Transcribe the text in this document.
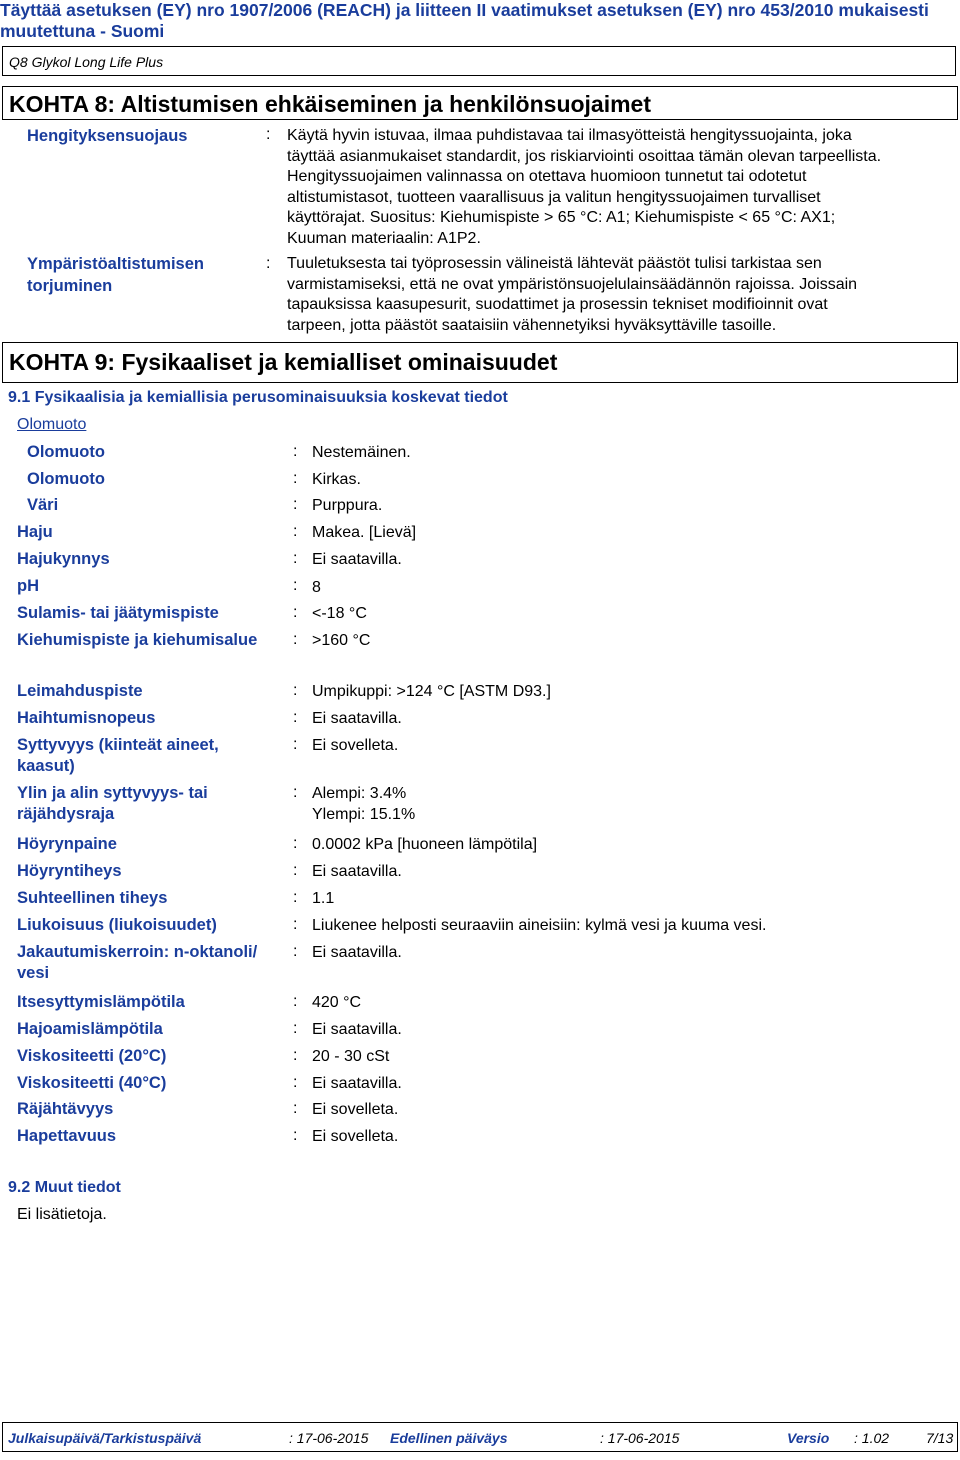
Täyttää asetuksen (EY) nro 1907/2006 (REACH) ja liitteen II vaatimukset asetuksen (EY) nro 453/2010 mukaisesti
muutettuna - Suomi
Q8 Glykol Long Life Plus
KOHTA 8: Altistumisen ehkäiseminen ja henkilönsuojaimet
Hengityksensuojaus	: Käytä hyvin istuvaa, ilmaa puhdistavaa tai ilmasyötteistä hengityssuojainta, joka
täyttää asianmukaiset standardit, jos riskiarviointi osoittaa tämän olevan tarpeellista.
Hengityssuojaimen valinnassa on otettava huomioon tunnetut tai odotetut
altistumistasot, tuotteen vaarallisuus ja valitun hengityssuojaimen turvalliset
käyttörajat. Suositus: Kiehumispiste > 65 °C: A1; Kiehumispiste < 65 °C: AX1;
Kuuman materiaalin: A1P2.
Ympäristöaltistumisen
torjuminen
: Tuuletuksesta tai työprosessin välineistä lähtevät päästöt tulisi tarkistaa sen
varmistamiseksi, että ne ovat ympäristönsuojelulainsäädännön rajoissa. Joissain
tapauksissa kaasupesurit, suodattimet ja prosessin tekniset modifioinnit ovat
tarpeen, jotta päästöt saataisiin vähennetyiksi hyväksyttäville tasoille.
KOHTA 9: Fysikaaliset ja kemialliset ominaisuudet
9.1 Fysikaalisia ja kemiallisia perusominaisuuksia koskevat tiedot
Olomuoto
Olomuoto	: Nestemäinen.
Olomuoto	: Kirkas.
Väri	: Purppura.
Haju	: Makea. [Lievä]
Hajukynnys	: Ei saatavilla.
pH	: 8
Sulamis- tai jäätymispiste	: <-18 °C
Kiehumispiste ja kiehumisalue : >160 °C
Leimahduspiste	: Umpikuppi: >124 °C [ASTM D93.]
Haihtumisnopeus	: Ei saatavilla.
Syttyvyys (kiinteät aineet,
kaasut)
: Ei sovelleta.
Ylin ja alin syttyvyys- tai
räjähdysraja
: Alempi: 3.4%
Ylempi: 15.1%
Höyrynpaine	: 0.0002 kPa [huoneen lämpötila]
Höyryntiheys	: Ei saatavilla.
Suhteellinen tiheys	: 1.1
Liukoisuus (liukoisuudet)	: Liukenee helposti seuraaviin aineisiin: kylmä vesi ja kuuma vesi.
Jakautumiskerroin: n-oktanoli/
vesi
: Ei saatavilla.
Itsesyttymislämpötila	: 420 °C
Hajoamislämpötila	: Ei saatavilla.
Viskositeetti (20°C)	: 20 - 30 cSt
Viskositeetti (40°C)	: Ei saatavilla.
Räjähtävyys	: Ei sovelleta.
Hapettavuus	: Ei sovelleta.
9.2 Muut tiedot
Ei lisätietoja.
Julkaisupäivä/Tarkistuspäivä	: 17-06-2015 Edellinen päiväys	: 17-06-2015	Versio : 1.02	7/13
